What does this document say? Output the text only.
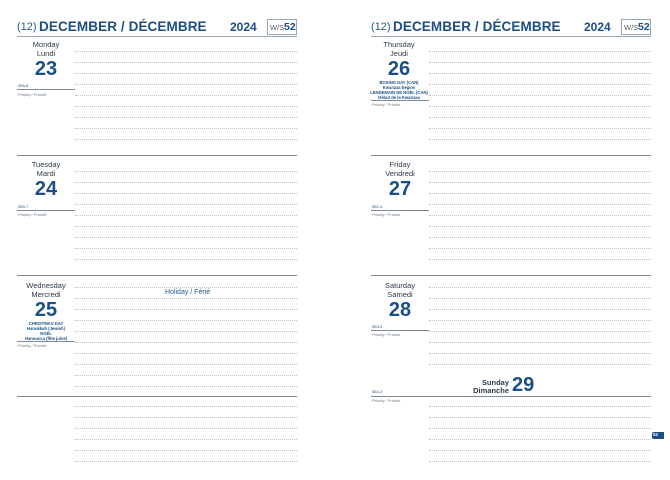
(12) DECEMBER / DÉCEMBRE 2024 W/S 52
Monday
Lundi
23
358-8
Priority / Priorité
Tuesday
Mardi
24
359-7
Priority / Priorité
Wednesday
Mercredi
25
CHRISTMAS DAY
Hanukkah (Jewish)
NOËL
Hanoucca (fête juive)
Priority / Priorité
Holiday / Férié
(12) DECEMBER / DÉCEMBRE 2024 W/S 52
Thursday
Jeudi
26
BOXING DAY (CAN)
Kwanzaa begins
LENDEMAIN DE NOËL (CAN)
Début de la Kwanzaa
Priority / Priorité
Friday
Vendredi
27
362-4
Priority / Priorité
Saturday
Samedi
28
363-3
Priority / Priorité
Sunday
Dimanche 29
364-2
Priority / Priorité
52
